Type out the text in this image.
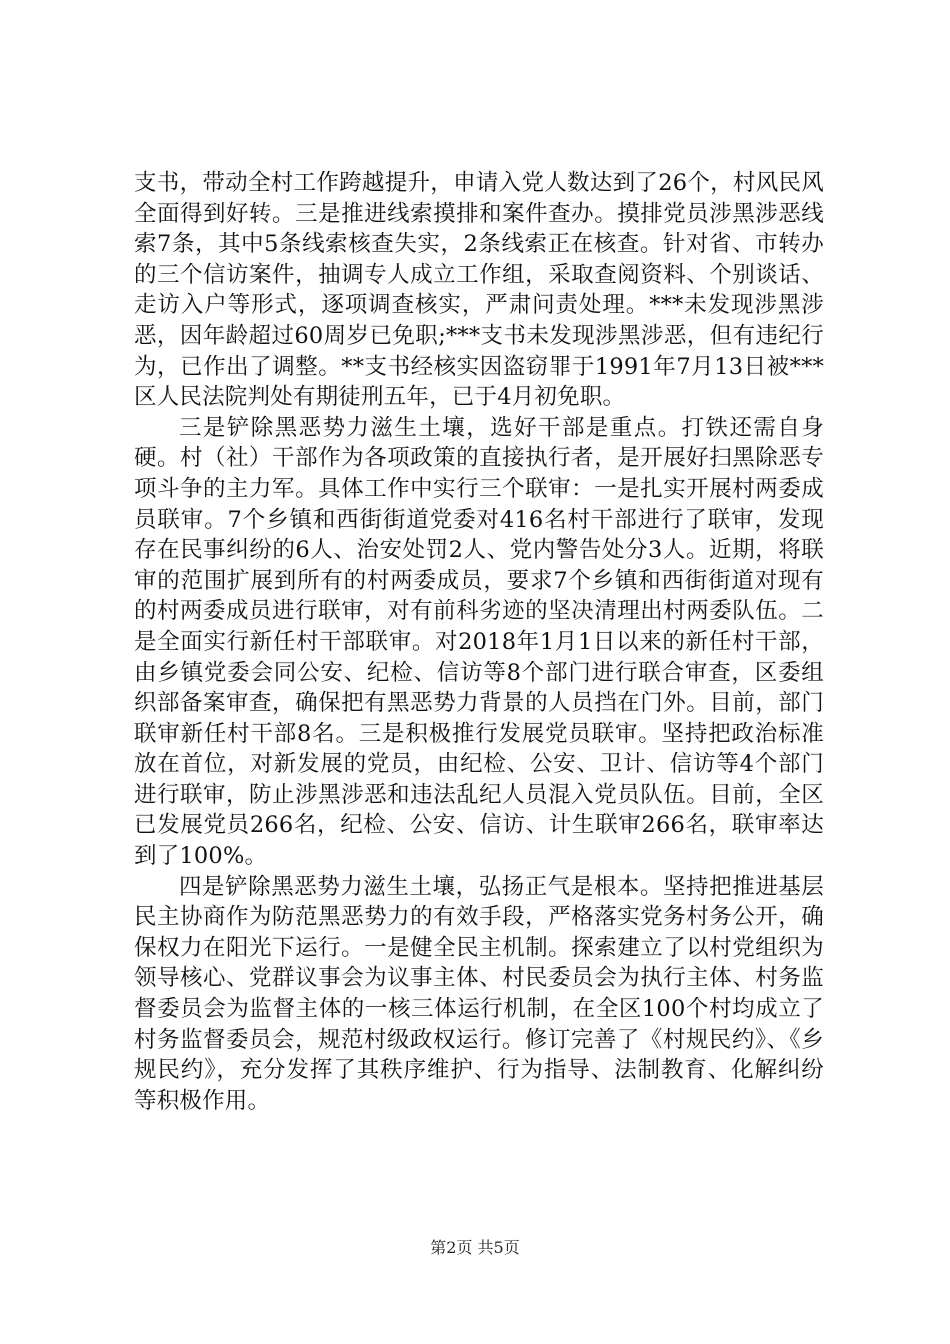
支书，带动全村工作跨越提升，申请入党人数达到了26个，村风民风全面得到好转。三是推进线索摸排和案件查办。摸排党员涉黑涉恶线索7条，其中5条线索核查失实，2条线索正在核查。针对省、市转办的三个信访案件，抽调专人成立工作组，采取查阅资料、个别谈话、走访入户等形式，逐项调查核实，严肃问责处理。***未发现涉黑涉恶，因年龄超过60周岁已免职;***支书未发现涉黑涉恶，但有违纪行为，已作出了调整。**支书经核实因盗窃罪于1991年7月13日被***区人民法院判处有期徒刑五年，已于4月初免职。

三是铲除黑恶势力滋生土壤，选好干部是重点。打铁还需自身硬。村（社）干部作为各项政策的直接执行者，是开展好扫黑除恶专项斗争的主力军。具体工作中实行三个联审：一是扎实开展村两委成员联审。7个乡镇和西街街道党委对416名村干部进行了联审，发现存在民事纠纷的6人、治安处罚2人、党内警告处分3人。近期，将联审的范围扩展到所有的村两委成员，要求7个乡镇和西街街道对现有的村两委成员进行联审，对有前科劣迹的坚决清理出村两委队伍。二是全面实行新任村干部联审。对2018年1月1日以来的新任村干部，由乡镇党委会同公安、纪检、信访等8个部门进行联合审查，区委组织部备案审查，确保把有黑恶势力背景的人员挡在门外。目前，部门联审新任村干部8名。三是积极推行发展党员联审。坚持把政治标准放在首位，对新发展的党员，由纪检、公安、卫计、信访等4个部门进行联审，防止涉黑涉恶和违法乱纪人员混入党员队伍。目前，全区已发展党员266名，纪检、公安、信访、计生联审266名，联审率达到了100%。

四是铲除黑恶势力滋生土壤，弘扬正气是根本。坚持把推进基层民主协商作为防范黑恶势力的有效手段，严格落实党务村务公开，确保权力在阳光下运行。一是健全民主机制。探索建立了以村党组织为领导核心、党群议事会为议事主体、村民委员会为执行主体、村务监督委员会为监督主体的一核三体运行机制，在全区100个村均成立了村务监督委员会，规范村级政权运行。修订完善了《村规民约》、《乡规民约》，充分发挥了其秩序维护、行为指导、法制教育、化解纠纷等积极作用。

第2页 共5页
